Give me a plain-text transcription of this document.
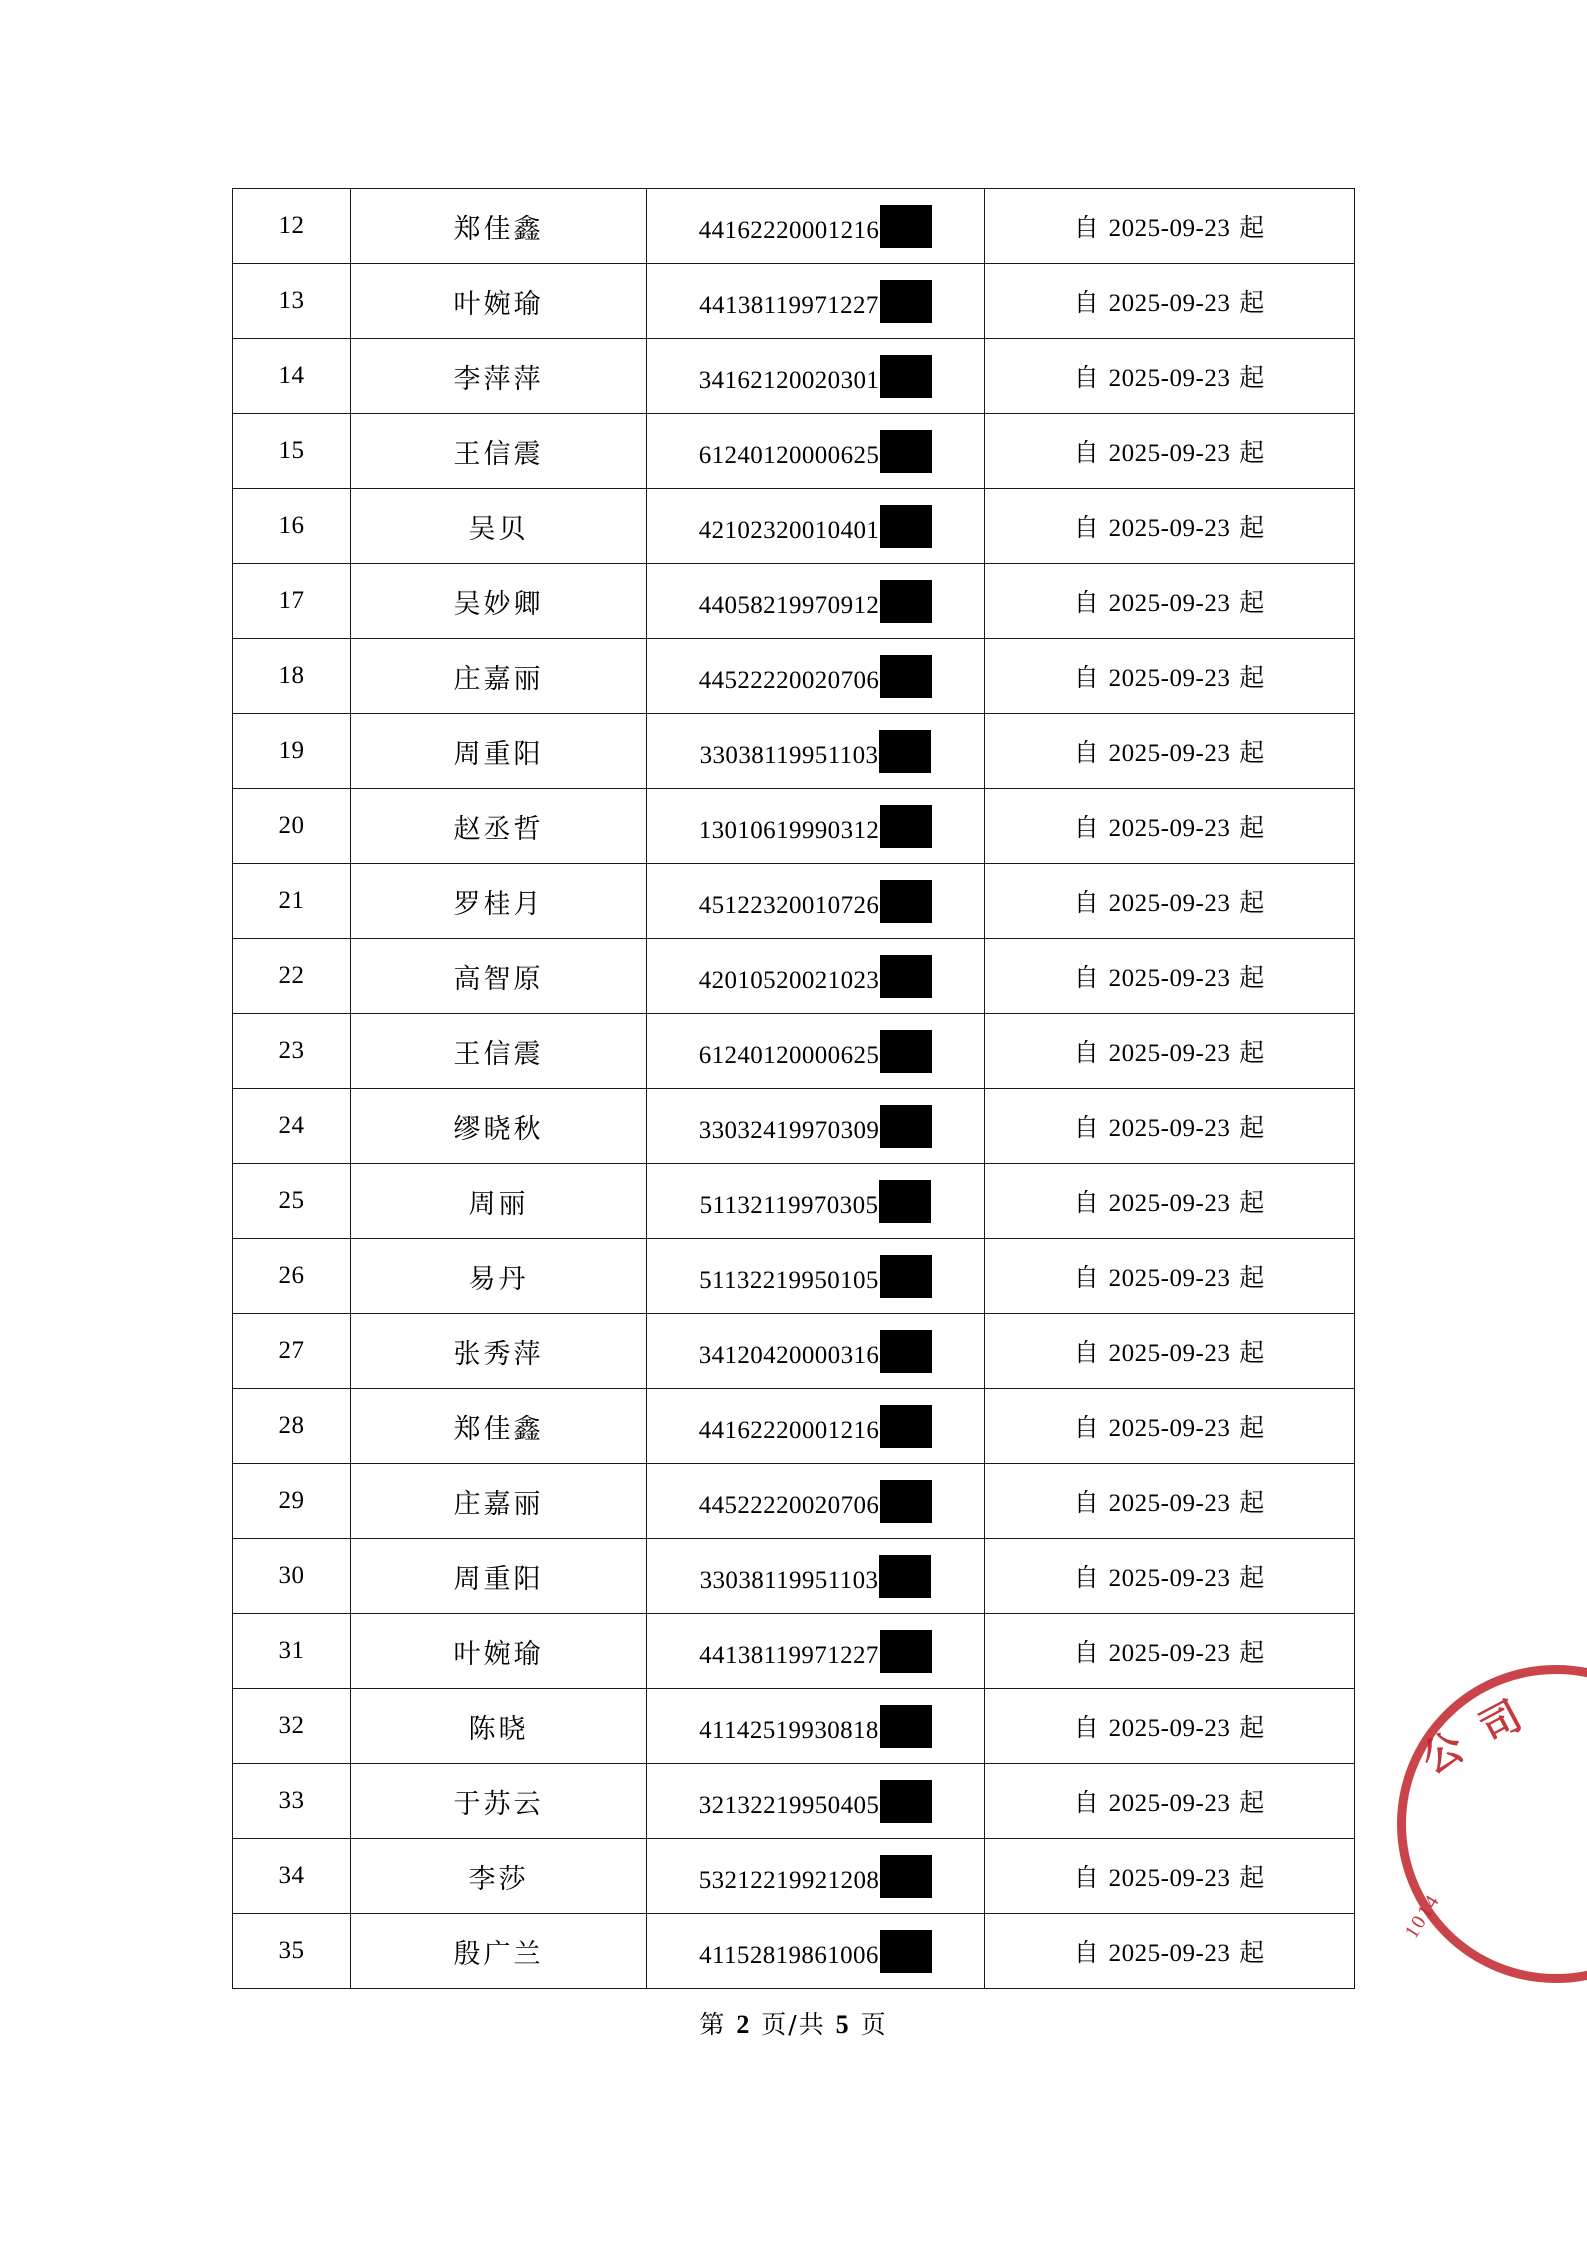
12	郑佳鑫	44162220001216	自 2025-09-23 起
13	叶婉瑜	44138119971227	自 2025-09-23 起
14	李萍萍	34162120020301	自 2025-09-23 起
15	王信震	61240120000625	自 2025-09-23 起
16	吴贝	42102320010401	自 2025-09-23 起
17	吴妙卿	44058219970912	自 2025-09-23 起
18	庄嘉丽	44522220020706	自 2025-09-23 起
19	周重阳	33038119951103	自 2025-09-23 起
20	赵丞哲	13010619990312	自 2025-09-23 起
21	罗桂月	45122320010726	自 2025-09-23 起
22	高智原	42010520021023	自 2025-09-23 起
23	王信震	61240120000625	自 2025-09-23 起
24	缪晓秋	33032419970309	自 2025-09-23 起
25	周丽	51132119970305	自 2025-09-23 起
26	易丹	51132219950105	自 2025-09-23 起
27	张秀萍	34120420000316	自 2025-09-23 起
28	郑佳鑫	44162220001216	自 2025-09-23 起
29	庄嘉丽	44522220020706	自 2025-09-23 起
30	周重阳	33038119951103	自 2025-09-23 起
31	叶婉瑜	44138119971227	自 2025-09-23 起
32	陈晓	41142519930818	自 2025-09-23 起
33	于苏云	32132219950405	自 2025-09-23 起
34	李莎	53212219921208	自 2025-09-23 起
35	殷广兰	41152819861006	自 2025-09-23 起
公 司
1014
第 2 页/共 5 页
